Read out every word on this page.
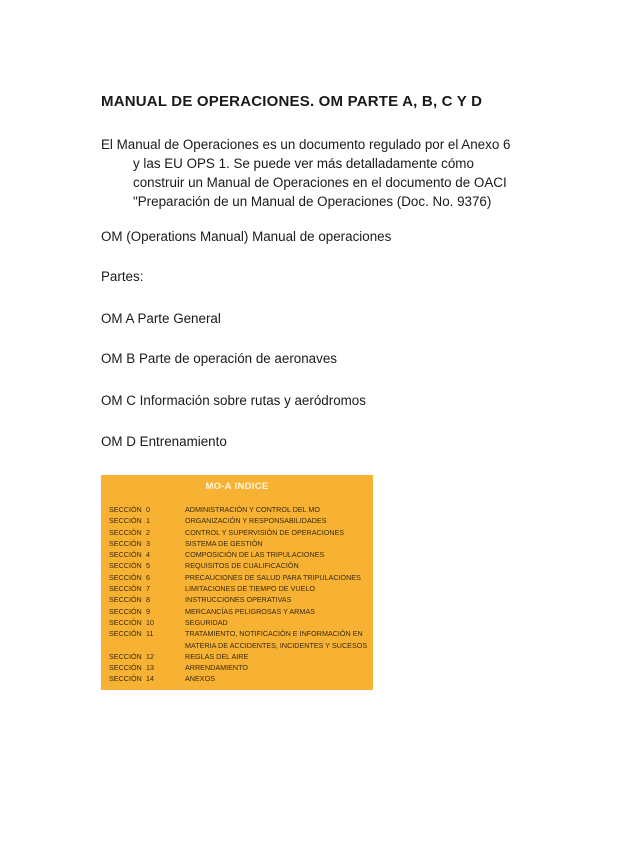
MANUAL DE OPERACIONES. OM PARTE A, B, C Y D
El Manual de Operaciones es un documento regulado por el Anexo 6
y las EU OPS 1. Se puede ver más detalladamente cómo
construir un Manual de Operaciones en el documento de OACI
"Preparación de un Manual de Operaciones (Doc. No. 9376)
OM (Operations Manual) Manual de operaciones
Partes:
OM A Parte General
OM B Parte de operación de aeronaves
OM C Información sobre rutas y aeródromos
OM D Entrenamiento
MO-A INDICE
SECCIÓN 0	ADMINISTRACIÓN Y CONTROL DEL MO
SECCIÓN 1	ORGANIZACIÓN Y RESPONSABILIDADES
SECCIÓN 2	CONTROL Y SUPERVISIÓN DE OPERACIONES
SECCIÓN 3	SISTEMA DE GESTIÓN
SECCIÓN 4	COMPOSICIÓN DE LAS TRIPULACIONES
SECCIÓN 5	REQUISITOS DE CUALIFICACIÓN
SECCIÓN 6	PRECAUCIONES DE SALUD PARA TRIPULACIONES
SECCIÓN 7	LIMITACIONES DE TIEMPO DE VUELO
SECCIÓN 8	INSTRUCCIONES OPERATIVAS
SECCIÓN 9	MERCANCÍAS PELIGROSAS Y ARMAS
SECCIÓN 10	SEGURIDAD
SECCIÓN 11	TRATAMIENTO, NOTIFICACIÓN E INFORMACIÓN EN MATERIA DE ACCIDENTES, INCIDENTES Y SUCESOS
SECCIÓN 12	REGLAS DEL AIRE
SECCIÓN 13	ARRENDAMIENTO
SECCIÓN 14	ANEXOS
